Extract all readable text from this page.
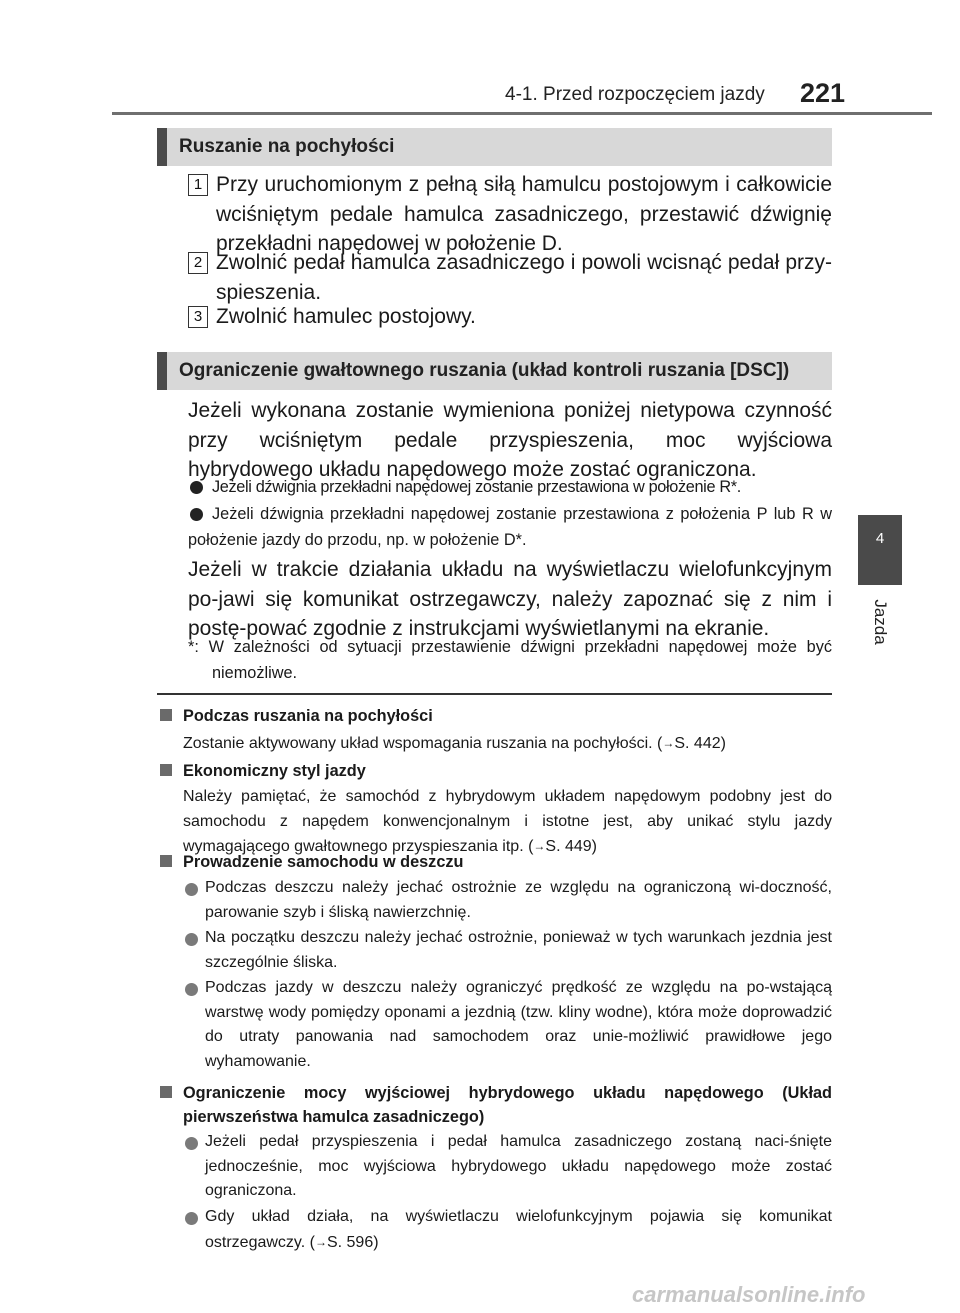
4-1. Przed rozpoczęciem jazdy 221
4
Jazda
Ruszanie na pochyłości
1 Przy uruchomionym z pełną siłą hamulcu postojowym i całkowicie wciśniętym pedale hamulca zasadniczego, przestawić dźwignię przekładni napędowej w położenie D.
2 Zwolnić pedał hamulca zasadniczego i powoli wcisnąć pedał przy-spieszenia.
3 Zwolnić hamulec postojowy.
Ograniczenie gwałtownego ruszania (układ kontroli ruszania [DSC])
Jeżeli wykonana zostanie wymieniona poniżej nietypowa czynność przy wciśniętym pedale przyspieszenia, moc wyjściowa hybrydowego układu napędowego może zostać ograniczona.
Jeżeli dźwignia przekładni napędowej zostanie przestawiona w położenie R*.
Jeżeli dźwignia przekładni napędowej zostanie przestawiona z położenia P lub R w położenie jazdy do przodu, np. w położenie D*.
Jeżeli w trakcie działania układu na wyświetlaczu wielofunkcyjnym po-jawi się komunikat ostrzegawczy, należy zapoznać się z nim i postę-pować zgodnie z instrukcjami wyświetlanymi na ekranie.
*: W zależności od sytuacji przestawienie dźwigni przekładni napędowej może być niemożliwe.
Podczas ruszania na pochyłości
Zostanie aktywowany układ wspomagania ruszania na pochyłości. (→S. 442)
Ekonomiczny styl jazdy
Należy pamiętać, że samochód z hybrydowym układem napędowym podobny jest do samochodu z napędem konwencjonalnym i istotne jest, aby unikać stylu jazdy wymagającego gwałtownego przyspieszania itp. (→S. 449)
Prowadzenie samochodu w deszczu
Podczas deszczu należy jechać ostrożnie ze względu na ograniczoną wi-doczność, parowanie szyb i śliską nawierzchnię.
Na początku deszczu należy jechać ostrożnie, ponieważ w tych warunkach jezdnia jest szczególnie śliska.
Podczas jazdy w deszczu należy ograniczyć prędkość ze względu na po-wstającą warstwę wody pomiędzy oponami a jezdnią (tzw. kliny wodne), która może doprowadzić do utraty panowania nad samochodem oraz unie-możliwić prawidłowe jego wyhamowanie.
Ograniczenie mocy wyjściowej hybrydowego układu napędowego (Układ pierwszeństwa hamulca zasadniczego)
Jeżeli pedał przyspieszenia i pedał hamulca zasadniczego zostaną naci-śnięte jednocześnie, moc wyjściowa hybrydowego układu napędowego może zostać ograniczona.
Gdy układ działa, na wyświetlaczu wielofunkcyjnym pojawia się komunikat ostrzegawczy. (→S. 596)
carmanualsonline.info
